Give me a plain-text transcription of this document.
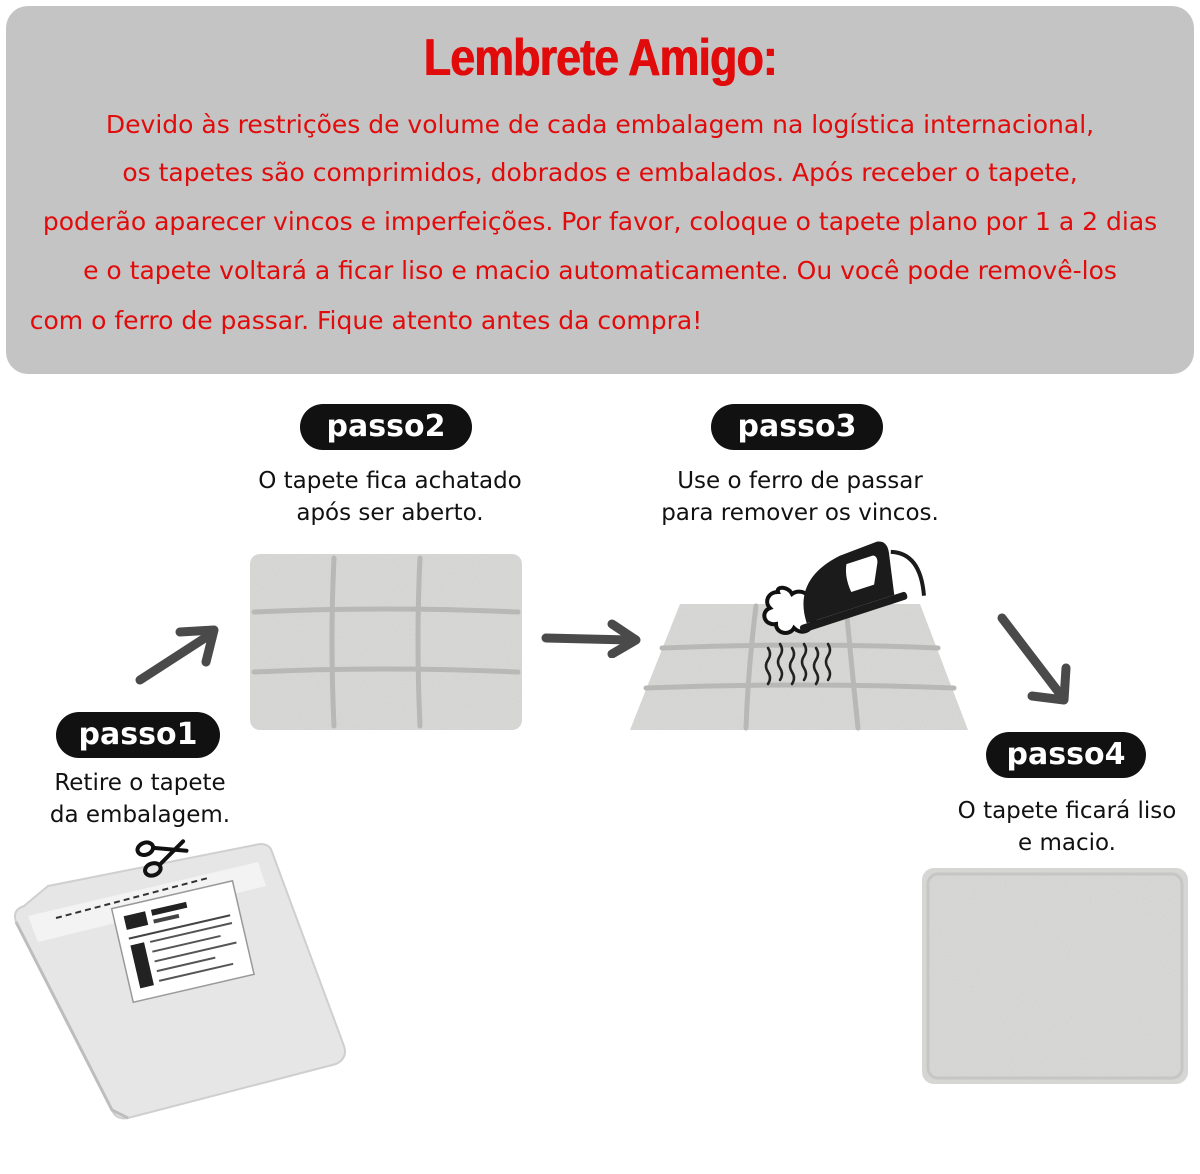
Lembrete Amigo:
Devido às restrições de volume de cada embalagem na logística internacional,
os tapetes são comprimidos, dobrados e embalados. Após receber o tapete,
poderão aparecer vincos e imperfeições. Por favor, coloque o tapete plano por 1 a 2 dias
e o tapete voltará a ficar liso e macio automaticamente. Ou você pode removê-los
com o ferro de passar. Fique atento antes da compra!
passo2
O tapete fica achatado
após ser aberto.
passo3
Use o ferro de passar
para remover os vincos.
passo1
Retire o tapete
da embalagem.
passo4
O tapete ficará liso
e macio.
